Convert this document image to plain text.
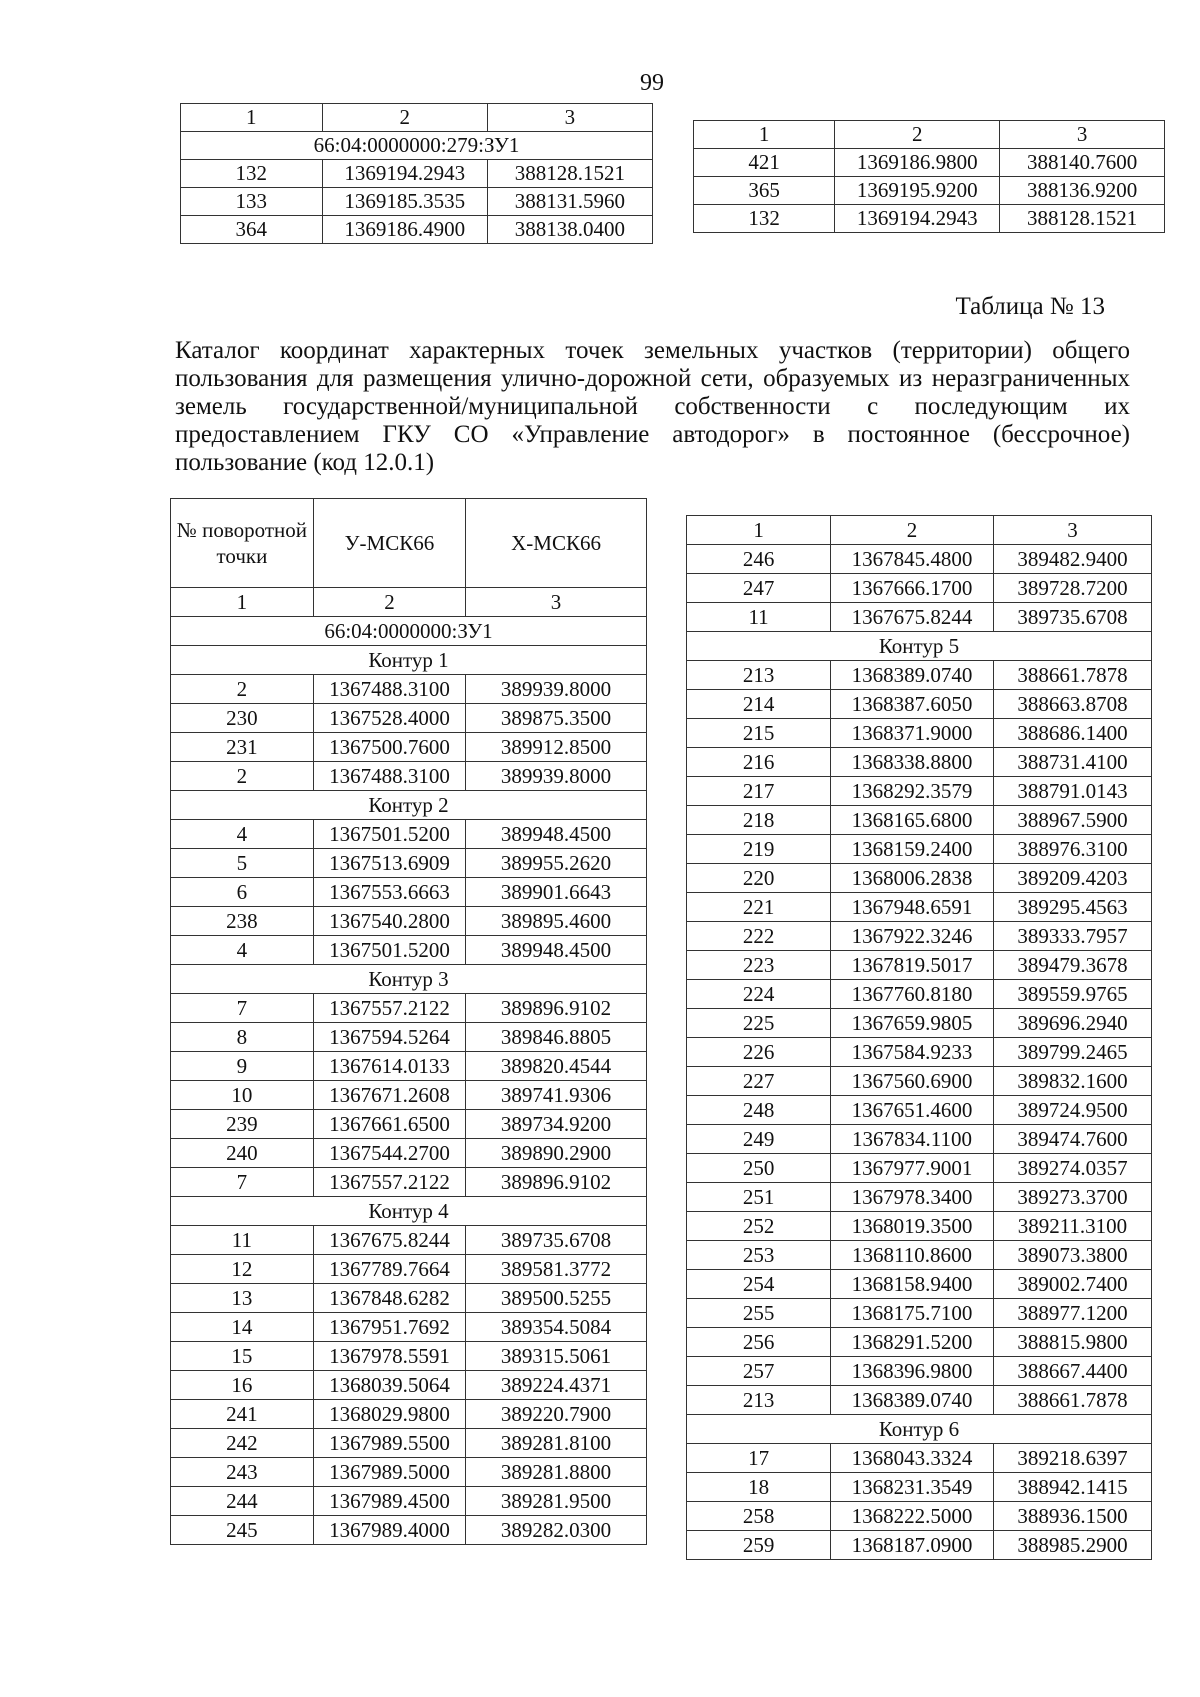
99
1	2	3
66:04:0000000:279:ЗУ1		
132	1369194.2943	388128.1521
133	1369185.3535	388131.5960
364	1369186.4900	388138.0400
1	2	3
421	1369186.9800	388140.7600
365	1369195.9200	388136.9200
132	1369194.2943	388128.1521
Таблица № 13
Каталог координат характерных точек земельных участков (территории) общего пользования для размещения улично-дорожной сети, образуемых из неразграниченных земель государственной/муниципальной собственности с последующим их предоставлением ГКУ СО «Управление автодорог» в постоянное (бессрочное) пользование (код 12.0.1)
№ поворотной точки	У-МСК66	Х-МСК66
1	2	3
66:04:0000000:ЗУ1		
Контур 1		
2	1367488.3100	389939.8000
230	1367528.4000	389875.3500
231	1367500.7600	389912.8500
2	1367488.3100	389939.8000
Контур 2		
4	1367501.5200	389948.4500
5	1367513.6909	389955.2620
6	1367553.6663	389901.6643
238	1367540.2800	389895.4600
4	1367501.5200	389948.4500
Контур 3		
7	1367557.2122	389896.9102
8	1367594.5264	389846.8805
9	1367614.0133	389820.4544
10	1367671.2608	389741.9306
239	1367661.6500	389734.9200
240	1367544.2700	389890.2900
7	1367557.2122	389896.9102
Контур 4		
11	1367675.8244	389735.6708
12	1367789.7664	389581.3772
13	1367848.6282	389500.5255
14	1367951.7692	389354.5084
15	1367978.5591	389315.5061
16	1368039.5064	389224.4371
241	1368029.9800	389220.7900
242	1367989.5500	389281.8100
243	1367989.5000	389281.8800
244	1367989.4500	389281.9500
245	1367989.4000	389282.0300
1	2	3
246	1367845.4800	389482.9400
247	1367666.1700	389728.7200
11	1367675.8244	389735.6708
Контур 5		
213	1368389.0740	388661.7878
214	1368387.6050	388663.8708
215	1368371.9000	388686.1400
216	1368338.8800	388731.4100
217	1368292.3579	388791.0143
218	1368165.6800	388967.5900
219	1368159.2400	388976.3100
220	1368006.2838	389209.4203
221	1367948.6591	389295.4563
222	1367922.3246	389333.7957
223	1367819.5017	389479.3678
224	1367760.8180	389559.9765
225	1367659.9805	389696.2940
226	1367584.9233	389799.2465
227	1367560.6900	389832.1600
248	1367651.4600	389724.9500
249	1367834.1100	389474.7600
250	1367977.9001	389274.0357
251	1367978.3400	389273.3700
252	1368019.3500	389211.3100
253	1368110.8600	389073.3800
254	1368158.9400	389002.7400
255	1368175.7100	388977.1200
256	1368291.5200	388815.9800
257	1368396.9800	388667.4400
213	1368389.0740	388661.7878
Контур 6		
17	1368043.3324	389218.6397
18	1368231.3549	388942.1415
258	1368222.5000	388936.1500
259	1368187.0900	388985.2900
